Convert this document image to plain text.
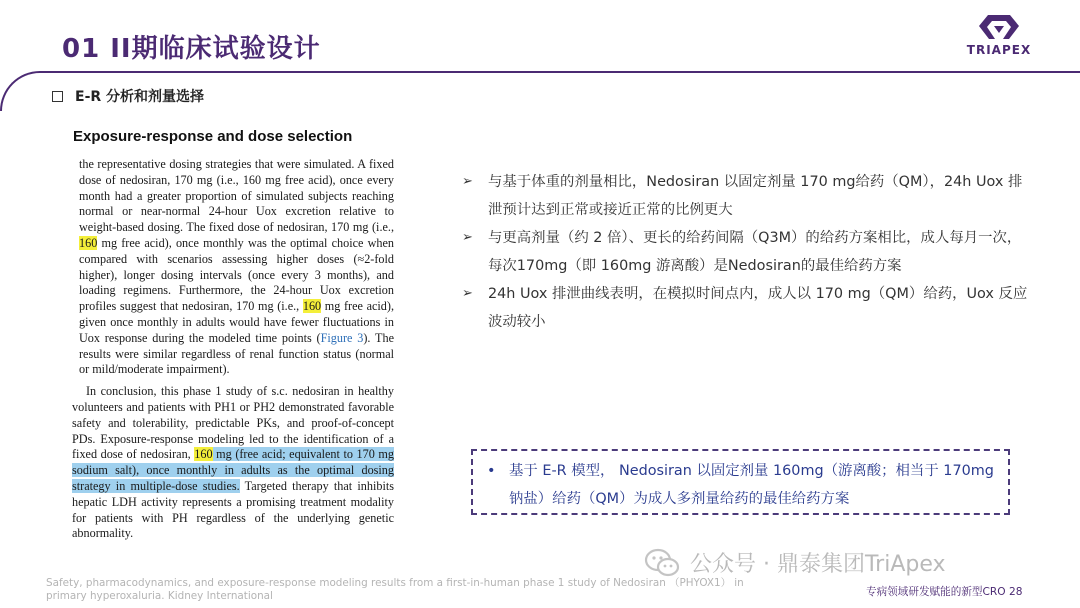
01 II期临床试验设计	TRIAPEX
E-R 分析和剂量选择
Exposure-response and dose selection

the representative dosing strategies that were simulated. A fixed dose of nedosiran, 170 mg (i.e., 160 mg free acid), once every month had a greater proportion of simulated subjects reaching normal or near-normal 24-hour Uox excretion relative to weight-based dosing. The fixed dose of nedosiran, 170 mg (i.e., 160 mg free acid), once monthly was the optimal choice when compared with scenarios assessing higher doses (≈2-fold higher), longer dosing intervals (once every 3 months), and loading regimens. Furthermore, the 24-hour Uox excretion profiles suggest that nedosiran, 170 mg (i.e., 160 mg free acid), given once monthly in adults would have fewer fluctuations in Uox response during the modeled time points (Figure 3). The results were similar regardless of renal function status (normal or mild/moderate impairment).

In conclusion, this phase 1 study of s.c. nedosiran in healthy volunteers and patients with PH1 or PH2 demonstrated favorable safety and tolerability, predictable PKs, and proof-of-concept PDs. Exposure-response modeling led to the identification of a fixed dose of nedosiran, 160 mg (free acid; equivalent to 170 mg sodium salt), once monthly in adults as the optimal dosing strategy in multiple-dose studies. Targeted therapy that inhibits hepatic LDH activity represents a promising treatment modality for patients with PH regardless of the underlying genetic abnormality.

➢ 与基于体重的剂量相比，Nedosiran 以固定剂量 170 mg给药（QM），24h Uox 排泄预计达到正常或接近正常的比例更大
➢ 与更高剂量（约 2 倍）、更长的给药间隔（Q3M）的给药方案相比，成人每月一次，每次170mg（即 160mg 游离酸）是Nedosiran的最佳给药方案
➢ 24h Uox 排泄曲线表明，在模拟时间点内，成人以 170 mg（QM）给药，Uox 反应波动较小
• 基于 E-R 模型， Nedosiran 以固定剂量 160mg（游离酸；相当于 170mg 钠盐）给药（QM）为成人多剂量给药的最佳给药方案
公众号 · 鼎泰集团TriApex
Safety, pharmacodynamics, and exposure-response modeling results from a first-in-human phase 1 study of Nedosiran （PHYOX1） in primary hyperoxaluria. Kidney International	专病领域研发赋能的新型CRO 28
